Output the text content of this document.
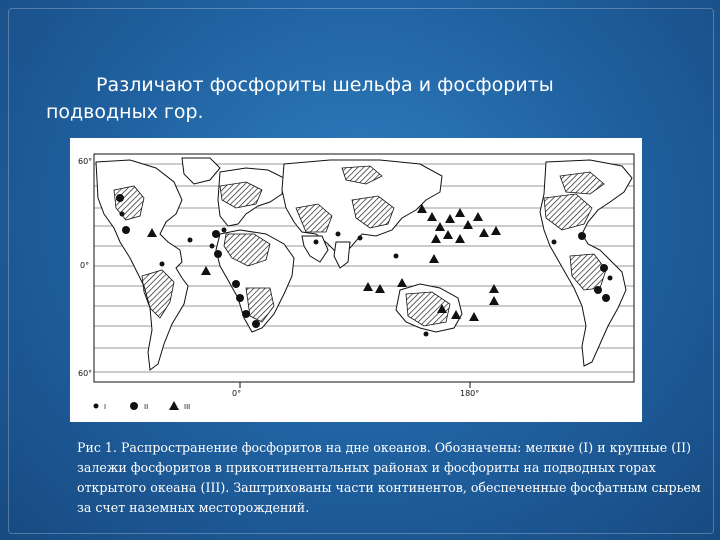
Различают фосфориты шельфа и фосфориты подводных гор.
60°
0°
60°
0°	180°
I	II	III
Рис 1. Распространение фосфоритов на дне океанов. Обозначены: мелкие (I) и крупные (II) залежи фосфоритов в приконтинентальных районах и фосфориты на подводных горах открытого океана (III). Заштрихованы части континентов, обеспеченные фосфатным сырьем за счет наземных месторождений.
